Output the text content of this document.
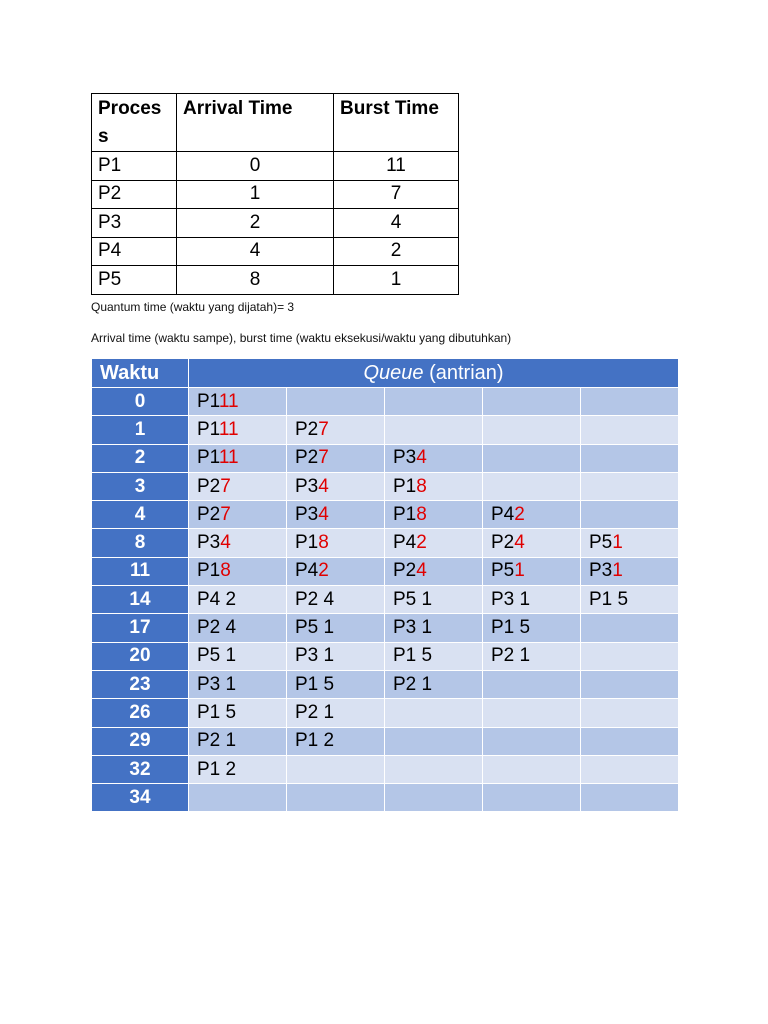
Proces s	Arrival Time	Burst Time
P1	0	11
P2	1	7
P3	2	4
P4	4	2
P5	8	1
Quantum time (waktu yang dijatah)= 3
Arrival time (waktu sampe), burst time (waktu eksekusi/waktu yang dibutuhkan)
Waktu	Queue (antrian)				
0	P111				
1	P111	P27			
2	P111	P27	P34		
3	P27	P34	P18		
4	P27	P34	P18	P42	
8	P34	P18	P42	P24	P51
11	P18	P42	P24	P51	P31
14	P4 2	P2 4	P5 1	P3 1	P1 5
17	P2 4	P5 1	P3 1	P1 5	
20	P5 1	P3 1	P1 5	P2 1	
23	P3 1	P1 5	P2 1		
26	P1 5	P2 1			
29	P2 1	P1 2			
32	P1 2				
34					
